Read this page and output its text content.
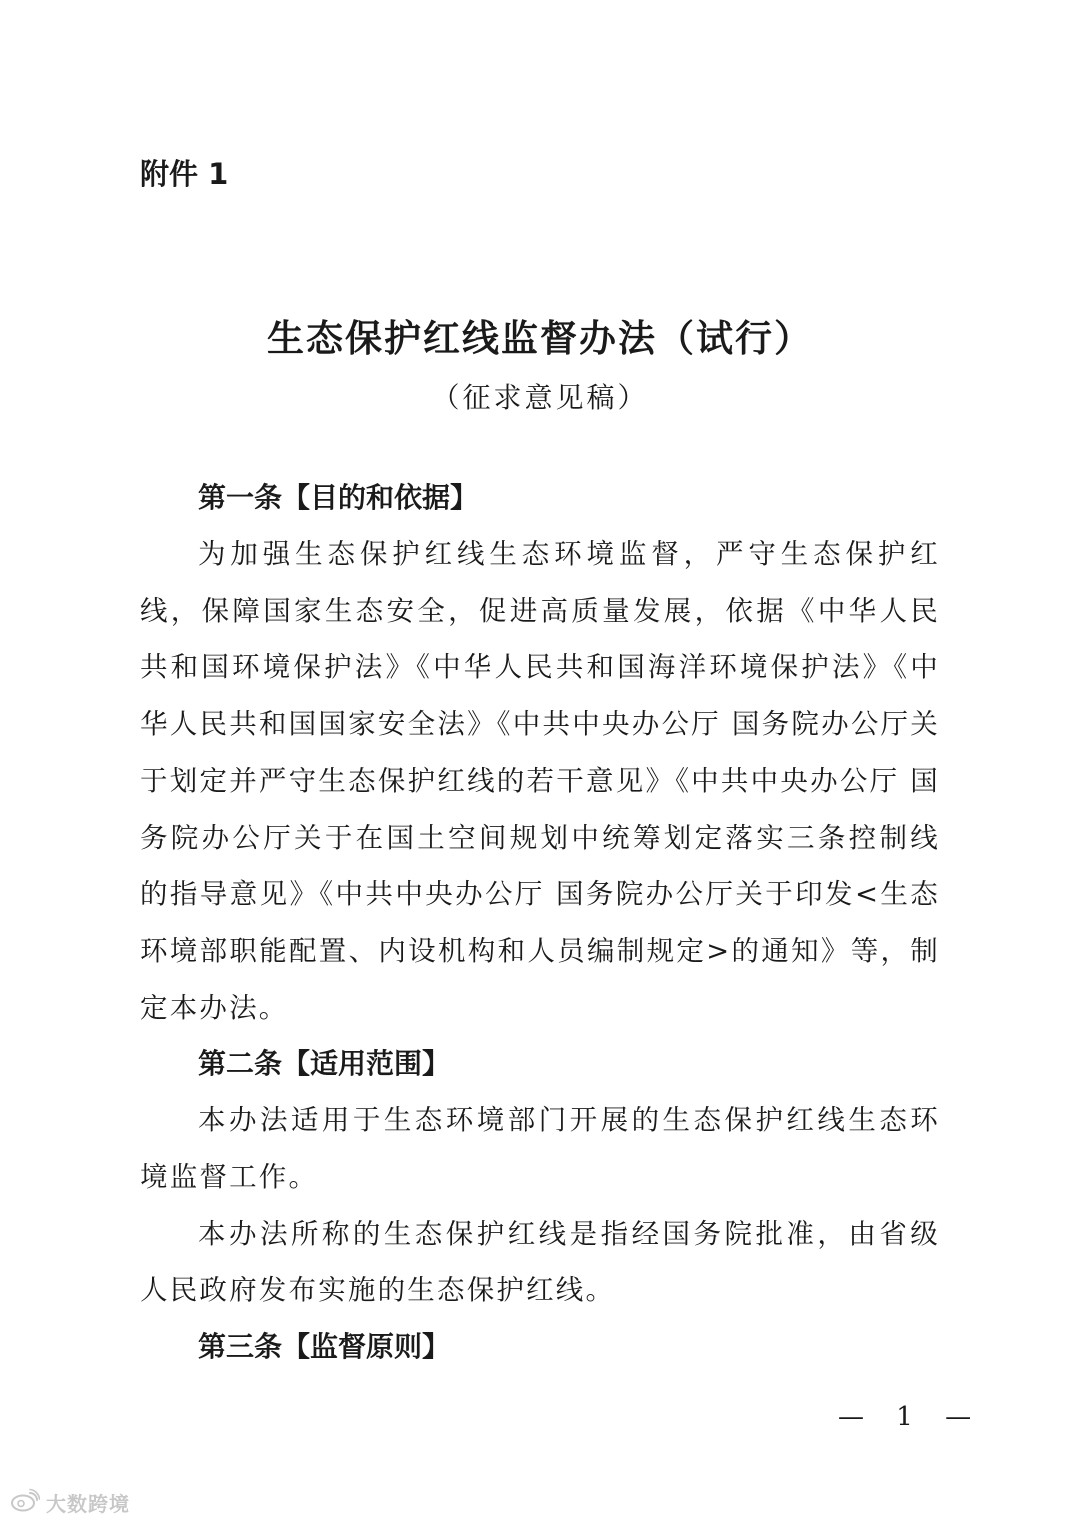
附件 1
生态保护红线监督办法（试行）
（征求意见稿）
第一条【目的和依据】
为加强生态保护红线生态环境监督，严守生态保护红线，保障国家生态安全，促进高质量发展，依据《中华人民共和国环境保护法》《中华人民共和国海洋环境保护法》《中华人民共和国国家安全法》《中共中央办公厅 国务院办公厅关于划定并严守生态保护红线的若干意见》《中共中央办公厅 国务院办公厅关于在国土空间规划中统筹划定落实三条控制线的指导意见》《中共中央办公厅 国务院办公厅关于印发<生态环境部职能配置、内设机构和人员编制规定>的通知》等，制定本办法。
第二条【适用范围】
本办法适用于生态环境部门开展的生态保护红线生态环境监督工作。
本办法所称的生态保护红线是指经国务院批准，由省级人民政府发布实施的生态保护红线。
第三条【监督原则】
— 1 —
大数跨境
